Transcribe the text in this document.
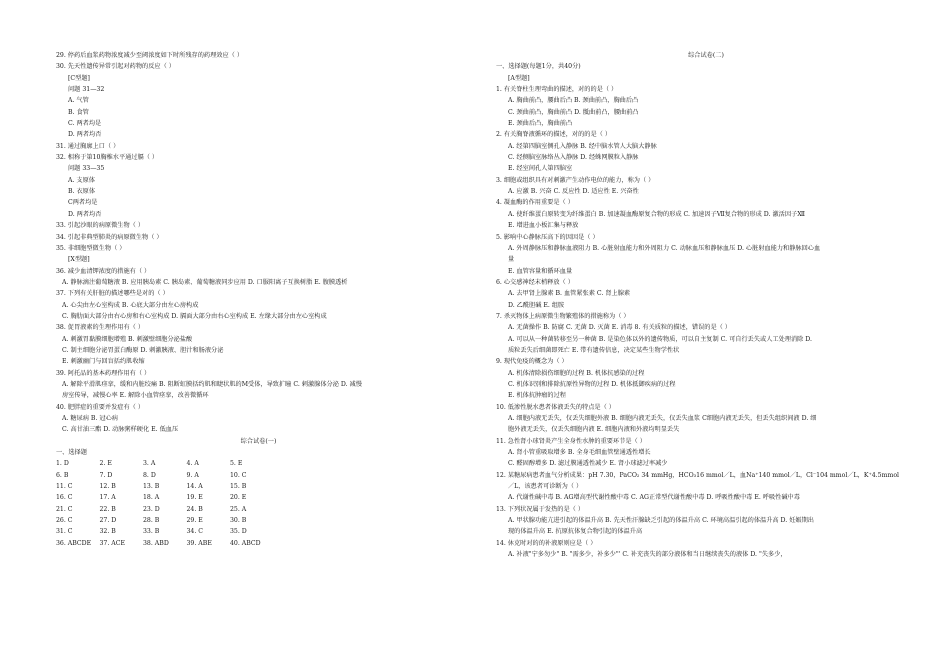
29. 停药后血浆药物浓度减少至阈浓度如下时所残存的药理效应（ ）
30. 先天性遗传异常引起对药物的反应（ ）
[C型题]
问题 31—32
A. 气管
B. 食管
C. 两者均是
D. 两者均否
31. 通过胸廓上口（ ）
32. 相称于第10胸椎水平通过膈（ ）
问题 33—35
A. 支原体
B. 衣原体
C两者均是
D. 两者均否
33. 引起沙眼的病原微生物（ ）
34. 引起非典型肺炎的病原微生物（ ）
35. 非细胞型微生物（ ）
[X型题]
36. 减少血清钾浓度的措施有（ ）
A. 静脉滴注葡萄糖液 B. 应用胰岛素 C. 胰岛素、葡萄糖液同步应用 D. 口服阳离子互换树脂 E. 腹膜透析
37. 下列有关肝脏的描述哪些是对的（ ）
A. 心尖由左心室构成 B. 心底大部分由左心房构成
C. 胸肋面大部分由右心房和右心室构成 D. 膈面大部分由右心室构成 E. 左缘大部分由左心室构成
38. 促胃液素的生理作用有（ ）
A. 刺激胃黏膜细胞增殖 B. 刺激壁细胞分泌盐酸
C. 制主细胞分泌胃蛋白酶原 D. 刺激胰液、胆汁和肠液分泌
E. 刺激幽门与回盲括约肌收缩
39. 阿托品的基本药理作用有（ ）
A. 解除平滑肌痉挛，缓和内脏绞痛 B. 阻断虹膜括约肌和睫状肌的M受体，导致扩瞳 C. 刺激腺体分泌 D. 减慢
房室传导，减慢心率 E. 解除小血管痉挛，改善微循环
40. 肥胖症的重要并发症有（ ）
A. 糖尿病 B. 冠心病
C. 高甘油三酯 D. 动脉粥样硬化 E. 低血压
综合试卷(一)
一、选择题
1. D	2. E	3. A	4. A	5. E
6. B	7. D	8. D	9. A	10. C
11. C	12. B	13. B	14. A	15. B
16. C	17. A	18. A	19. E	20. E
21. C	22. B	23. D	24. B	25. A
26. C	27. D	28. B	29. E	30. B
31. C	32. B	33. B	34. C	35. D
36. ABCDE	37. ACE	38. ABD	39. ABE	40. ABCD
综合试卷(二)
一、选择题(每题1分，共40分)
[A型题]
1. 有关脊柱生理弯曲的描述，对的的是（ ）
A. 胸曲前凸，腰曲后凸 B. 颈曲前凸，胸曲后凸
C. 颈曲前凸，胸曲前凸 D. 骶曲前凸，腰曲前凸
E. 颈曲后凸，胸曲前凸
2. 有关胸脊液循环的描述，对的的是（ ）
A. 经第四脑室侧孔入静脉 B. 经中脑水管人大脑大静脉
C. 经侧脑室脉络丛入静脉 D. 经蛛网膜粒入静脉
E. 经室间孔人第四脑室
3. 细胞或组织具有对刺激产生动作电位的能力，称为（ ）
A. 应激 B. 兴奋 C. 反应性 D. 适应性 E. 兴奋性
4. 凝血酶的作用重要是（ ）
A. 使纤维蛋白原转变为纤维蛋白 B. 加速凝血酶原复合物的形成 C. 加速因子Ⅶ复合物的形成 D. 激活因子Ⅻ
E. 增进血小板汇集与释放
5. 影响中心静脉压高下的因因是（ ）
A. 外周静脉压和静脉血液阻力 B. 心脏射血能力和外周阻力 C. 动脉血压和静脉血压 D. 心脏射血能力和静脉回心血
量
E. 血管容量和循环血量
6. 心交感神经末梢释放（ ）
A. 去甲肾上腺素 B. 血管紧张素 C. 肾上腺素
D. 乙酰胆碱 E. 组胺
7. 杀灭物体上病原微生物繁殖体的措施称为（ ）
A. 无菌操作 B. 防腐 C. 无菌 D. 灭菌 E. 消毒 8. 有关质粒的描述，错误的是（ ）
A. 可以从一种菌转移至另一种菌 B. 是染色体以外的遗传物质，可以自主复制 C. 可自行丢失或人工处理消除 D.
质粒丢失后细菌即死亡 E. 带有遗传信息，决定某些生物学性状
9. 现代免疫的概念为（ ）
A. 机体清除损伤细胞的过程 B. 机体抗感染的过程
C. 机体识别和排除抗原性异物的过程 D. 机体抵御疾病的过程
E. 机体抗肿瘤的过程
10. 低渗性脱水患者体液丢失的特点是（ ）
A. 细胞内液无丢失，仅丢失细胞外液 B. 细胞内液无丢失，仅丢失血浆 C细胞内液无丢失，但丢失组织间液 D. 细
胞外液无丢失，仅丢失细胞内液 E. 细胞内液和外液均明显丢失
11. 急性肾小球肾炎产生全身性水肿的重要环节是（ ）
A. 肾小管重吸取增多 B. 全身毛细血管壁通透性增长
C. 醛固醇增多 D. 滤过膜通透性减少 E. 肾小球滤过率减少
12. 某糖尿病患者血气分析成果：pH 7.30，PaCO₂ 34 mmHg，HCO₃16 mmol／L，血Na⁺140 mmol／L，Cl⁻104 mmol／L，K⁺4.5mmol
／L，该患者可诊断为（ ）
A. 代谢性碱中毒 B. AG增高型代谢性酸中毒 C. AG正常型代谢性酸中毒 D. 呼吸性酸中毒 E. 呼吸性碱中毒
13. 下列状况属于发热的是（ ）
A. 甲状腺功能亢进引起的体温升高 B. 先天性汗腺缺乏引起的体温升高 C. 环境高温引起的体温升高 D. 妊娠期出
现的体温升高 E. 抗原抗体复合物引起的体温升高
14. 休克时对的的补液原则应是（ ）
A. 补液"宁多勿少" B. "需多少，补多少"' C. 补充丧失的部分液体和当日继续丧失的液体 D. "失多少，
